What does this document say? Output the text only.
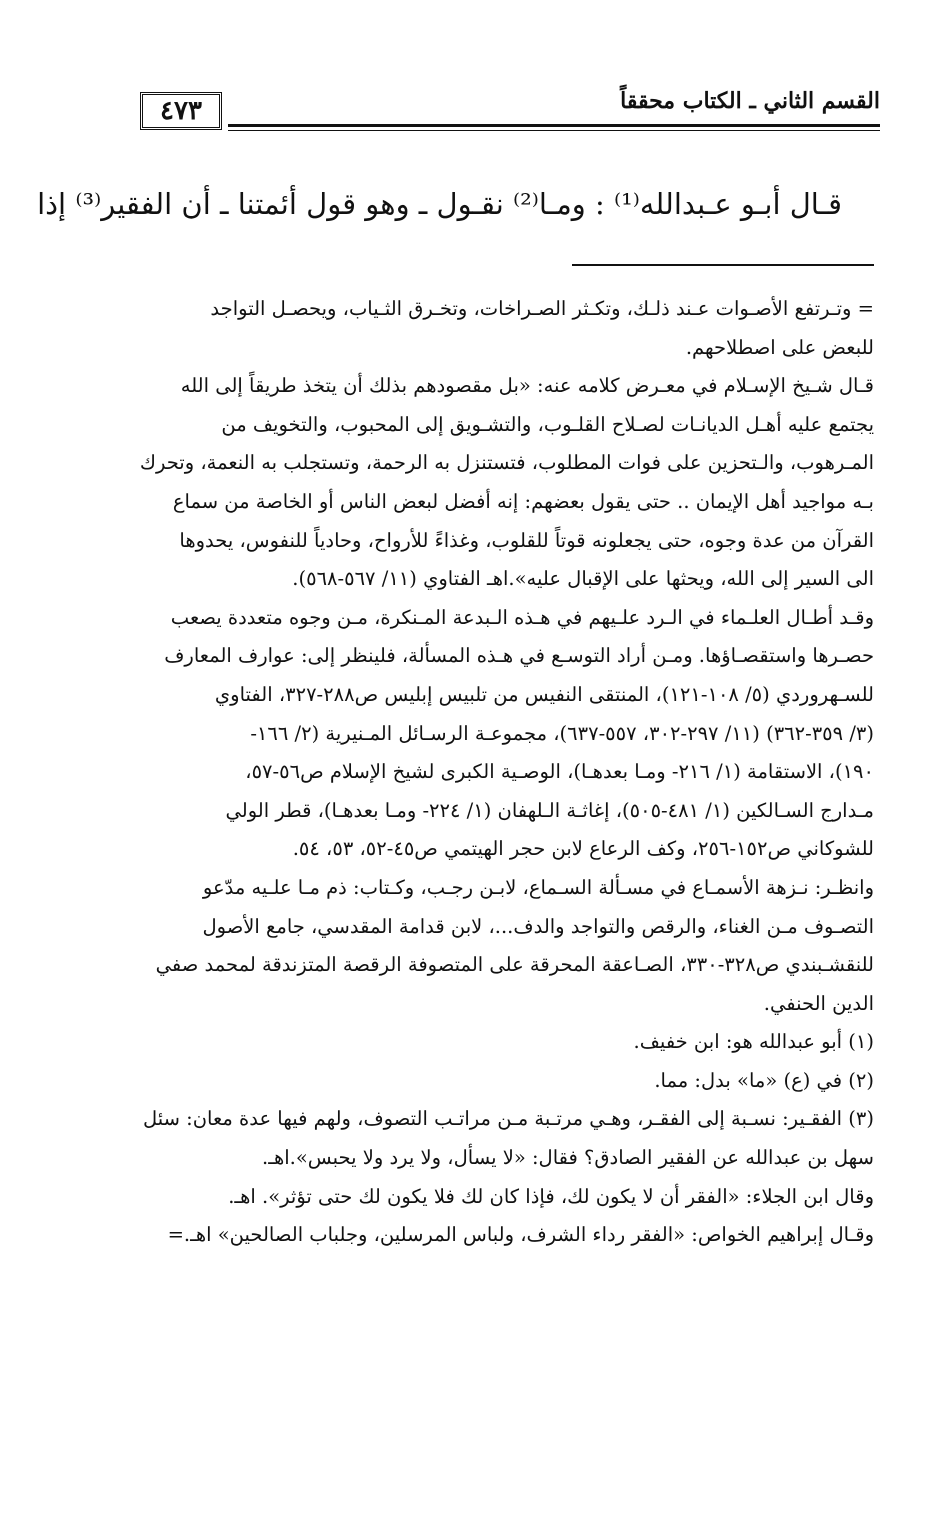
٤٧٣	القسم الثاني ـ الكتاب محققاً
قـال أبـو عـبدالله⁽¹⁾ : ومـا⁽²⁾ نقـول ـ وهو قول أئمتنا ـ أن الفقير⁽³⁾ إذا

= وتـرتفع الأصـوات عـند ذلـك، وتكـثر الصـراخات، وتخـرق الثـياب، ويحصـل التواجد

للبعض على اصطلاحهم.

قـال شـيخ الإسـلام في معـرض كلامه عنه: «بل مقصودهم بذلك أن يتخذ طريقاً إلى الله

يجتمع عليه أهـل الديانـات لصـلاح القلـوب، والتشـويق إلى المحبوب، والتخويف من

المـرهوب، والـتحزين على فوات المطلوب، فتستنزل به الرحمة، وتستجلب به النعمة، وتحرك

بـه مواجيد أهل الإيمان .. حتى يقول بعضهم: إنه أفضل لبعض الناس أو الخاصة من سماع

القرآن من عدة وجوه، حتى يجعلونه قوتاً للقلوب، وغذاءً للأرواح، وحادياً للنفوس، يحدوها

الى السير إلى الله، ويحثها على الإقبال عليه».اهـ الفتاوي (١١/ ٥٦٧-٥٦٨).

وقـد أطـال العلـماء في الـرد علـيهم في هـذه الـبدعة المـنكرة، مـن وجوه متعددة يصعب

حصـرها واستقصـاؤها. ومـن أراد التوسـع في هـذه المسألة، فلينظر إلى: عوارف المعارف

للسـهروردي (٥/ ١٠٨-١٢١)، المنتقى النفيس من تلبيس إبليس ص٢٨٨-٣٢٧، الفتاوي

(٣/ ٣٥٩-٣٦٢) (١١/ ٢٩٧-٣٠٢، ٥٥٧-٦٣٧)، مجموعـة الرسـائل المـنيرية (٢/ ١٦٦-

١٩٠)، الاستقامة (١/ ٢١٦- ومـا بعدهـا)، الوصـية الكبرى لشيخ الإسلام ص٥٦-٥٧،

مـدارج السـالكين (١/ ٤٨١-٥٠٥)، إغاثـة الـلهفان (١/ ٢٢٤- ومـا بعدهـا)، قطر الولي

للشوكاني ص١٥٢-٢٥٦، وكف الرعاع لابن حجر الهيتمي ص٤٥-٥٢، ٥٣، ٥٤.

وانظـر: نـزهة الأسمـاع في مسـألة السـماع، لابـن رجـب، وكـتاب: ذم مـا علـيه مدّعو

التصـوف مـن الغناء، والرقص والتواجد والدف...، لابن قدامة المقدسي، جامع الأصول

للنقشـبندي ص٣٢٨-٣٣٠، الصـاعقة المحرقة على المتصوفة الرقصة المتزندقة لمحمد صفي

الدين الحنفي.

(١) أبو عبدالله هو: ابن خفيف.

(٢) في (ع) «ما» بدل: مما.

(٣) الفقـير: نسـبة إلى الفقـر، وهـي مرتـبة مـن مراتـب التصوف، ولهم فيها عدة معان: سئل

سهل بن عبدالله عن الفقير الصادق؟ فقال: «لا يسأل، ولا يرد ولا يحبس».اهـ.

وقال ابن الجلاء: «الفقر أن لا يكون لك، فإذا كان لك فلا يكون لك حتى تؤثر». اهـ.

وقـال إبراهيم الخواص: «الفقر رداء الشرف، ولباس المرسلين، وجلباب الصالحين» اهـ.=
